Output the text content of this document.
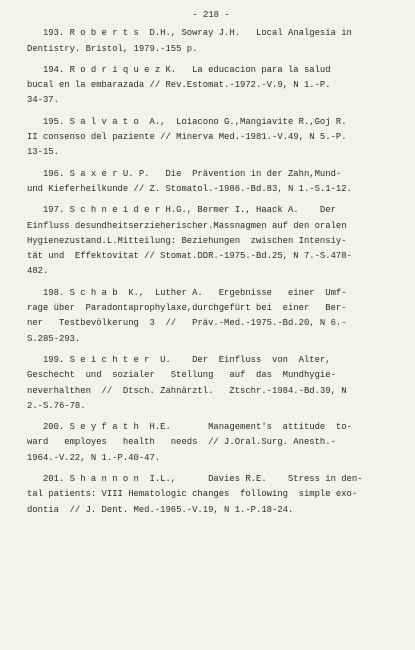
- 218 -

193. R o b e r t s  D.H., Sowray J.H.   Local Analgesia in

Dentistry. Bristol, 1979.-155 p.

194. R o d r i q u e z K.   La educacion para la salud

bucal en la embarazada // Rev.Estomat.-1972.-V.9, N 1.-P.

34-37.

195. S a l v a t o  A.,  Loiacono G.,Mangiavite R.,Goj R.

II consenso del paziente // Minerva Med.-1981.-V.49, N 5.-P.

13-15.

196. S a x e r U. P.   Die  Prävention in der Zahn,Mund-

und Kieferheilkunde // Z. Stomatol.-1986.-Bd.83, N 1.-S.1-12.

197. S c h n e i d e r H.G., Bermer I., Haack A.    Der

Einfluss desundheitserzieherischer.Massnagmen auf den oralen

Hygienezustand.L.Mitteilung: Beziehungen  zwischen Intensiy-

tät und  Effektovitat // Stomat.DDR.-1975.-Bd.25, N 7.-S.478-

482.

198. S c h a b  K.,  Luther A.   Ergebnisse   einer  Umf-

rage über  Paradontaprophylaxe,durchgefürt bei  einer   Ber-

ner   Testbevölkerung  3  //   Präv.-Med.-1975.-Bd.20, N 6.-

S.285-293.

199. S e i c h t e r  U.    Der  Einfluss  von  Alter,

Geschecht  und  sozialer   Stellung   auf  das  Mundhygie-

neverhalthen  //  Dtsch. Zahnärztl.   Ztschr.-1984.-Bd.39, N

2.-S.76-78.

200. S e y f a t h  H.E.       Management's  attitude  to-

ward   employes   health   needs  // J.Oral.Surg. Anesth.-

1964.-V.22, N 1.-P.40-47.

201. S h a n n o n  I.L.,      Davies R.E.    Stress in den-

tal patients: VIII Hematologic changes  following  simple exo-

dontia  // J. Dent. Med.-1965.-V.19, N 1.-P.18-24.
